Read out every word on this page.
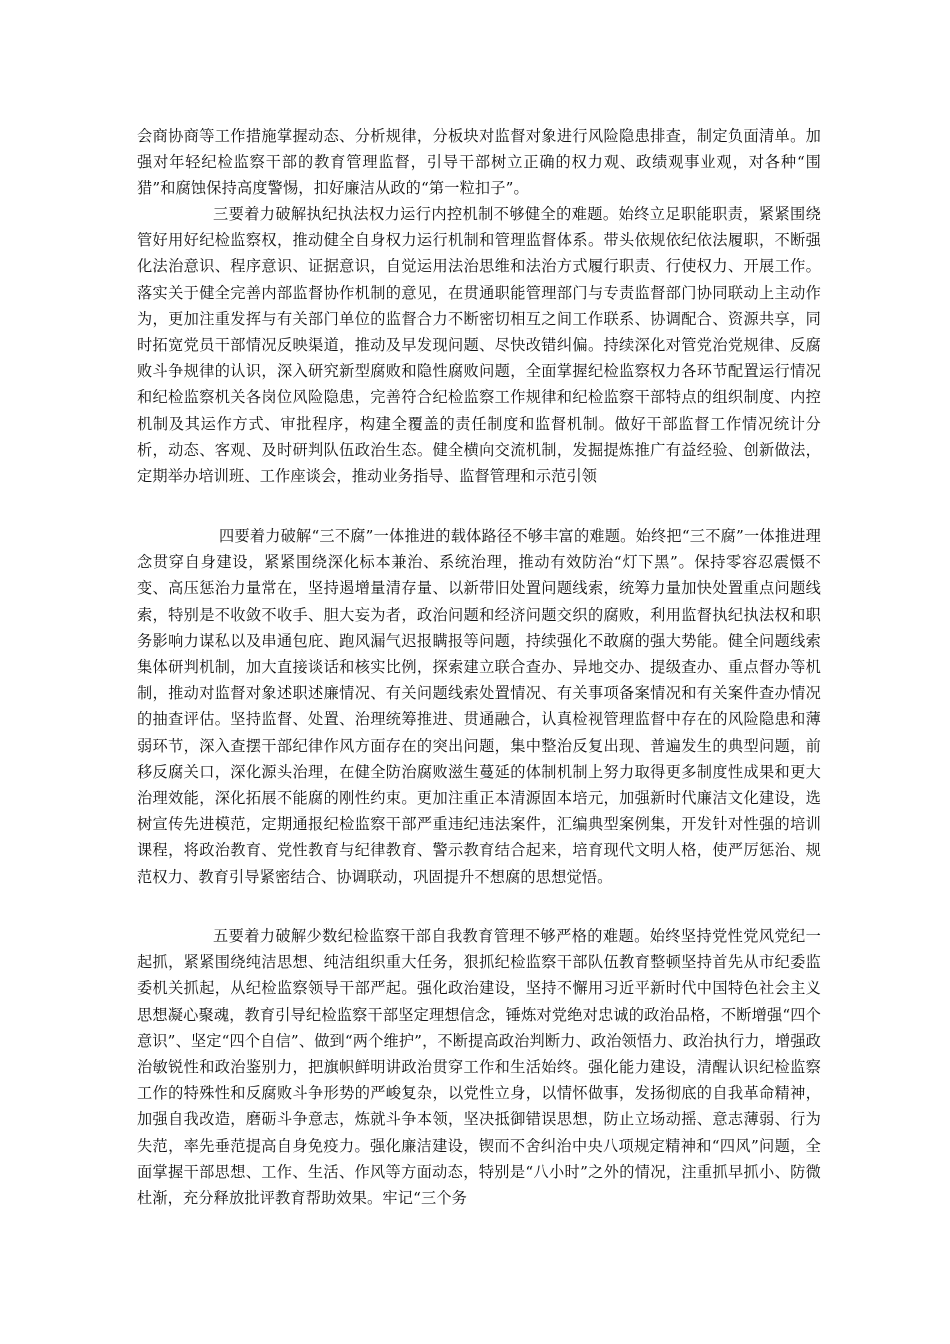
会商协商等工作措施掌握动态、分析规律，分板块对监督对象进行风险隐患排查，制定负面清单。加强对年轻纪检监察干部的教育管理监督，引导干部树立正确的权力观、政绩观事业观，对各种“围猎”和腐蚀保持高度警惕，扣好廉洁从政的“第一粒扣子”。

三要着力破解执纪执法权力运行内控机制不够健全的难题。始终立足职能职责，紧紧围绕管好用好纪检监察权，推动健全自身权力运行机制和管理监督体系。带头依规依纪依法履职，不断强化法治意识、程序意识、证据意识，自觉运用法治思维和法治方式履行职责、行使权力、开展工作。落实关于健全完善内部监督协作机制的意见，在贯通职能管理部门与专责监督部门协同联动上主动作为，更加注重发挥与有关部门单位的监督合力不断密切相互之间工作联系、协调配合、资源共享，同时拓宽党员干部情况反映渠道，推动及早发现问题、尽快改错纠偏。持续深化对管党治党规律、反腐败斗争规律的认识，深入研究新型腐败和隐性腐败问题，全面掌握纪检监察权力各环节配置运行情况和纪检监察机关各岗位风险隐患，完善符合纪检监察工作规律和纪检监察干部特点的组织制度、内控机制及其运作方式、审批程序，构建全覆盖的责任制度和监督机制。做好干部监督工作情况统计分析，动态、客观、及时研判队伍政治生态。健全横向交流机制，发掘提炼推广有益经验、创新做法，定期举办培训班、工作座谈会，推动业务指导、监督管理和示范引领

四要着力破解“三不腐”一体推进的载体路径不够丰富的难题。始终把“三不腐”一体推进理念贯穿自身建设，紧紧围绕深化标本兼治、系统治理，推动有效防治“灯下黑”。保持零容忍震慑不变、高压惩治力量常在，坚持遏增量清存量、以新带旧处置问题线索，统筹力量加快处置重点问题线索，特别是不收敛不收手、胆大妄为者，政治问题和经济问题交织的腐败，利用监督执纪执法权和职务影响力谋私以及串通包庇、跑风漏气迟报瞒报等问题，持续强化不敢腐的强大势能。健全问题线索集体研判机制，加大直接谈话和核实比例，探索建立联合查办、异地交办、提级查办、重点督办等机制，推动对监督对象述职述廉情况、有关问题线索处置情况、有关事项备案情况和有关案件查办情况的抽查评估。坚持监督、处置、治理统筹推进、贯通融合，认真检视管理监督中存在的风险隐患和薄弱环节，深入查摆干部纪律作风方面存在的突出问题，集中整治反复出现、普遍发生的典型问题，前移反腐关口，深化源头治理，在健全防治腐败滋生蔓延的体制机制上努力取得更多制度性成果和更大治理效能，深化拓展不能腐的刚性约束。更加注重正本清源固本培元，加强新时代廉洁文化建设，选树宣传先进模范，定期通报纪检监察干部严重违纪违法案件，汇编典型案例集，开发针对性强的培训课程，将政治教育、党性教育与纪律教育、警示教育结合起来，培育现代文明人格，使严厉惩治、规范权力、教育引导紧密结合、协调联动，巩固提升不想腐的思想觉悟。

五要着力破解少数纪检监察干部自我教育管理不够严格的难题。始终坚持党性党风党纪一起抓，紧紧围绕纯洁思想、纯洁组织重大任务，狠抓纪检监察干部队伍教育整顿坚持首先从市纪委监委机关抓起，从纪检监察领导干部严起。强化政治建设，坚持不懈用习近平新时代中国特色社会主义思想凝心聚魂，教育引导纪检监察干部坚定理想信念，锤炼对党绝对忠诚的政治品格，不断增强“四个意识”、坚定“四个自信”、做到“两个维护”，不断提高政治判断力、政治领悟力、政治执行力，增强政治敏锐性和政治鉴别力，把旗帜鲜明讲政治贯穿工作和生活始终。强化能力建设，清醒认识纪检监察工作的特殊性和反腐败斗争形势的严峻复杂，以党性立身，以情怀做事，发扬彻底的自我革命精神，加强自我改造，磨砺斗争意志，炼就斗争本领，坚决抵御错误思想，防止立场动摇、意志薄弱、行为失范，率先垂范提高自身免疫力。强化廉洁建设，锲而不舍纠治中央八项规定精神和“四风”问题，全面掌握干部思想、工作、生活、作风等方面动态，特别是“八小时”之外的情况，注重抓早抓小、防微杜渐，充分释放批评教育帮助效果。牢记“三个务
